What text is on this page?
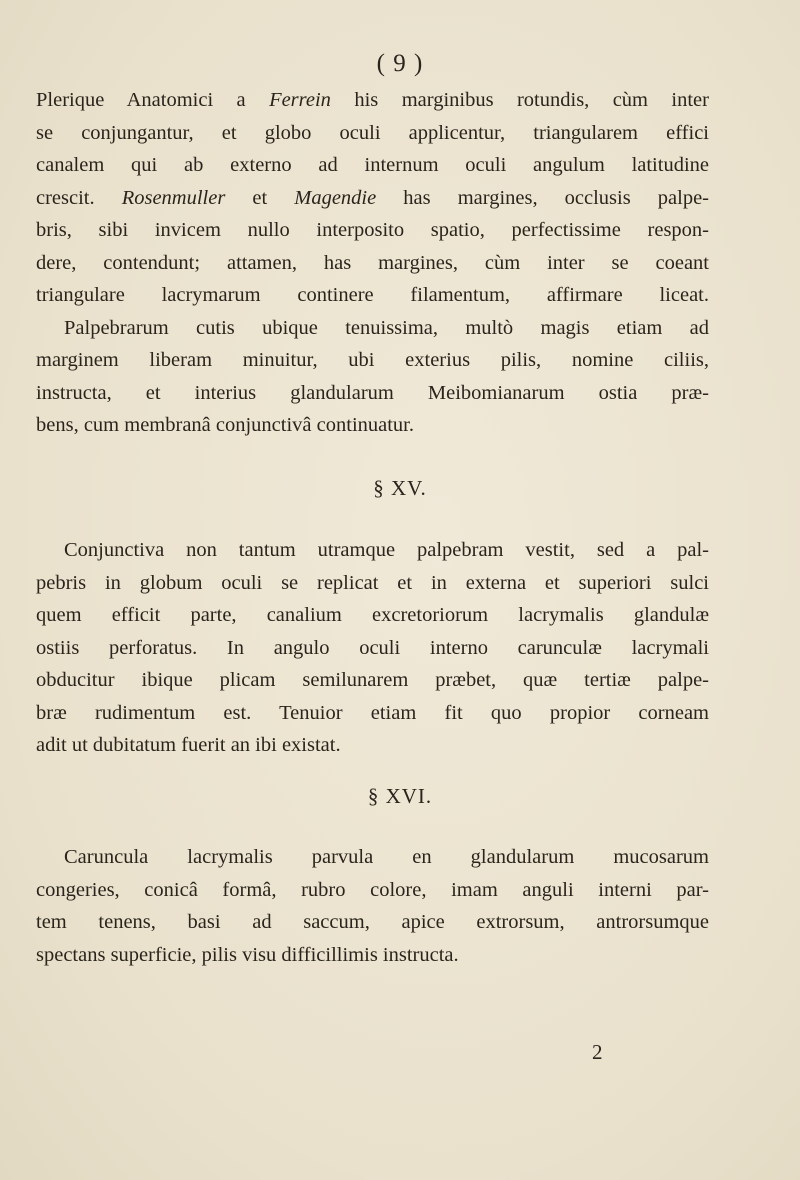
( 9 )
Plerique Anatomici a Ferrein his marginibus rotundis, cùm inter
se conjungantur, et globo oculi applicentur, triangularem effici
canalem qui ab externo ad internum oculi angulum latitudine
crescit. Rosenmuller et Magendie has margines, occlusis palpe-
bris, sibi invicem nullo interposito spatio, perfectissime respon-
dere, contendunt; attamen, has margines, cùm inter se coeant
triangulare lacrymarum continere filamentum, affirmare liceat.
Palpebrarum cutis ubique tenuissima, multò magis etiam ad
marginem liberam minuitur, ubi exterius pilis, nomine ciliis,
instructa, et interius glandularum Meibomianarum ostia præ-
bens, cum membranâ conjunctivâ continuatur.
§ XV.
Conjunctiva non tantum utramque palpebram vestit, sed a pal-
pebris in globum oculi se replicat et in externa et superiori sulci
quem efficit parte, canalium excretoriorum lacrymalis glandulæ
ostiis perforatus. In angulo oculi interno carunculæ lacrymali
obducitur ibique plicam semilunarem præbet, quæ tertiæ palpe-
bræ rudimentum est. Tenuior etiam fit quo propior corneam
adit ut dubitatum fuerit an ibi existat.
§ XVI.
Caruncula lacrymalis parvula en glandularum mucosarum
congeries, conicâ formâ, rubro colore, imam anguli interni par-
tem tenens, basi ad saccum, apice extrorsum, antrorsumque
spectans superficie, pilis visu difficillimis instructa.
2
